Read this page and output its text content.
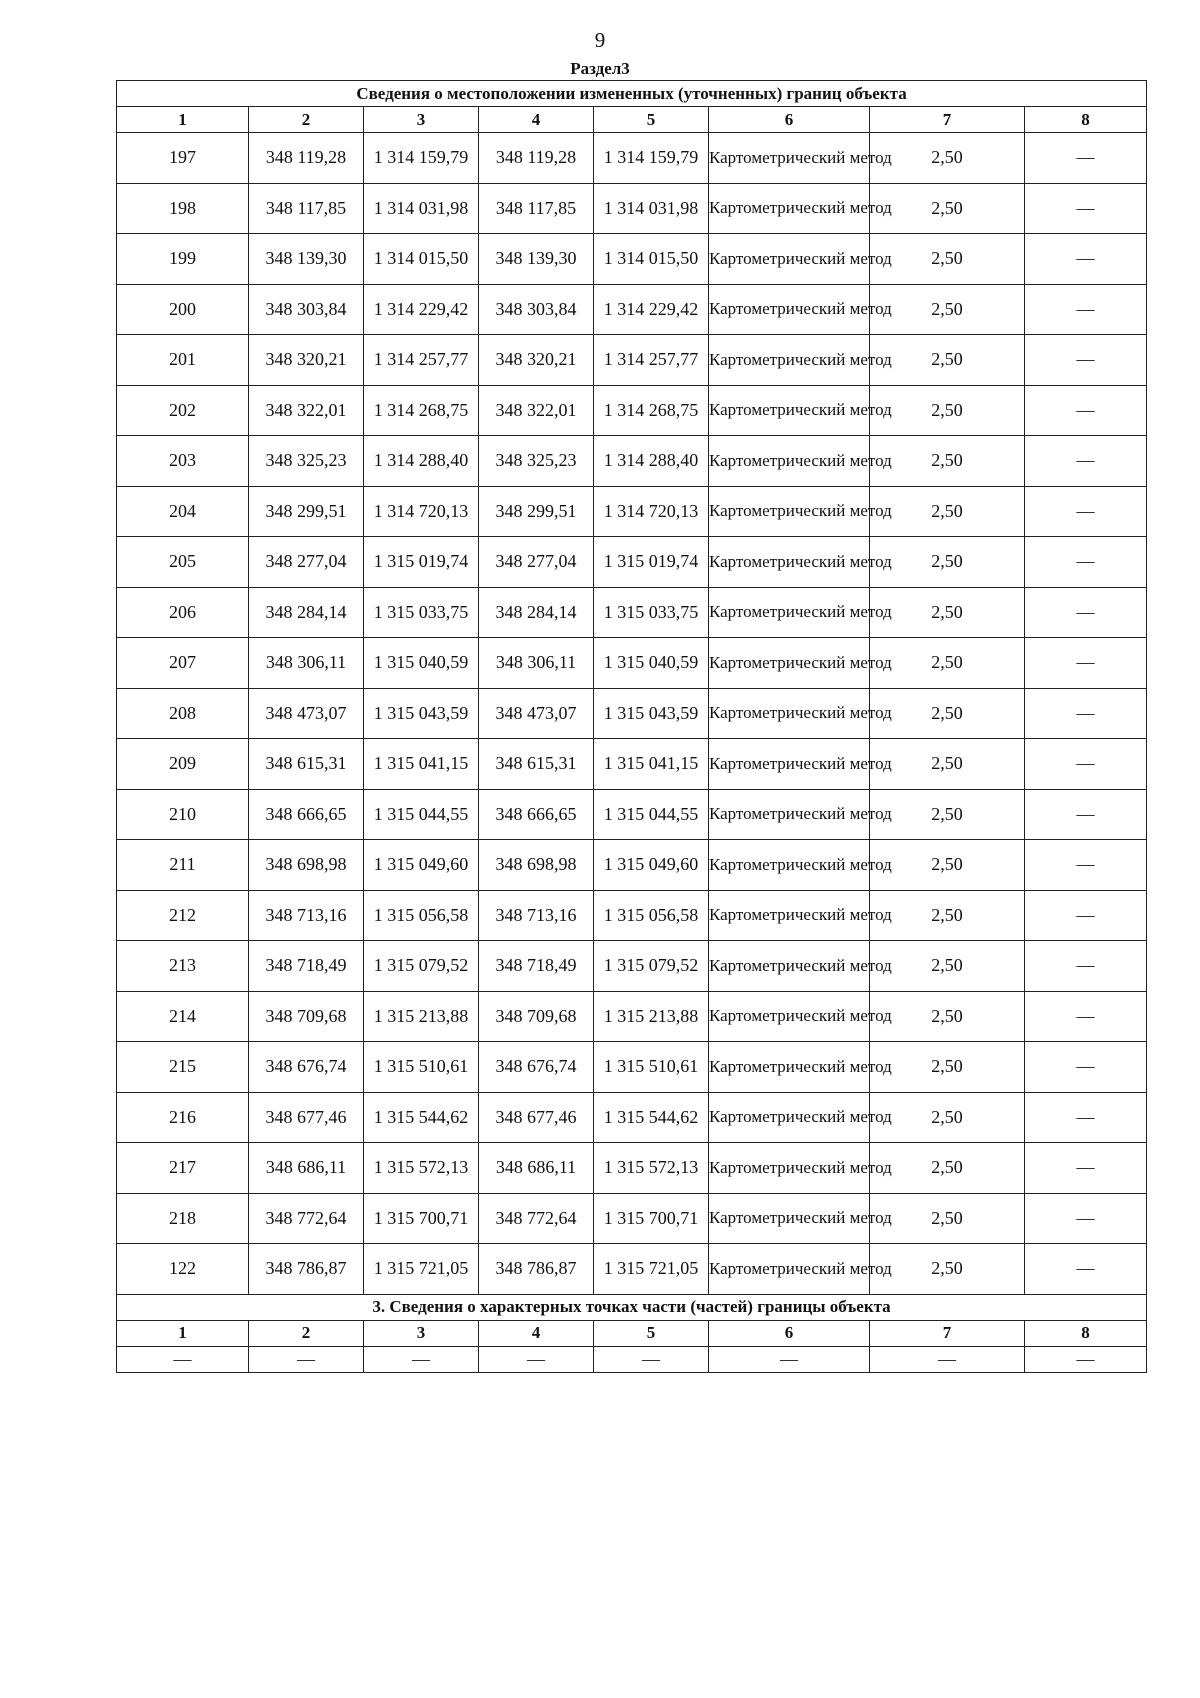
9
Раздел3
Сведения о местоположении измененных (уточненных) границ объекта							
1	2	3	4	5	6	7	8
197	348 119,28	1 314 159,79	348 119,28	1 314 159,79	Картометрический метод	2,50	—
198	348 117,85	1 314 031,98	348 117,85	1 314 031,98	Картометрический метод	2,50	—
199	348 139,30	1 314 015,50	348 139,30	1 314 015,50	Картометрический метод	2,50	—
200	348 303,84	1 314 229,42	348 303,84	1 314 229,42	Картометрический метод	2,50	—
201	348 320,21	1 314 257,77	348 320,21	1 314 257,77	Картометрический метод	2,50	—
202	348 322,01	1 314 268,75	348 322,01	1 314 268,75	Картометрический метод	2,50	—
203	348 325,23	1 314 288,40	348 325,23	1 314 288,40	Картометрический метод	2,50	—
204	348 299,51	1 314 720,13	348 299,51	1 314 720,13	Картометрический метод	2,50	—
205	348 277,04	1 315 019,74	348 277,04	1 315 019,74	Картометрический метод	2,50	—
206	348 284,14	1 315 033,75	348 284,14	1 315 033,75	Картометрический метод	2,50	—
207	348 306,11	1 315 040,59	348 306,11	1 315 040,59	Картометрический метод	2,50	—
208	348 473,07	1 315 043,59	348 473,07	1 315 043,59	Картометрический метод	2,50	—
209	348 615,31	1 315 041,15	348 615,31	1 315 041,15	Картометрический метод	2,50	—
210	348 666,65	1 315 044,55	348 666,65	1 315 044,55	Картометрический метод	2,50	—
211	348 698,98	1 315 049,60	348 698,98	1 315 049,60	Картометрический метод	2,50	—
212	348 713,16	1 315 056,58	348 713,16	1 315 056,58	Картометрический метод	2,50	—
213	348 718,49	1 315 079,52	348 718,49	1 315 079,52	Картометрический метод	2,50	—
214	348 709,68	1 315 213,88	348 709,68	1 315 213,88	Картометрический метод	2,50	—
215	348 676,74	1 315 510,61	348 676,74	1 315 510,61	Картометрический метод	2,50	—
216	348 677,46	1 315 544,62	348 677,46	1 315 544,62	Картометрический метод	2,50	—
217	348 686,11	1 315 572,13	348 686,11	1 315 572,13	Картометрический метод	2,50	—
218	348 772,64	1 315 700,71	348 772,64	1 315 700,71	Картометрический метод	2,50	—
122	348 786,87	1 315 721,05	348 786,87	1 315 721,05	Картометрический метод	2,50	—
3. Сведения о характерных точках части (частей) границы объекта							
1	2	3	4	5	6	7	8
—	—	—	—	—	—	—	—
